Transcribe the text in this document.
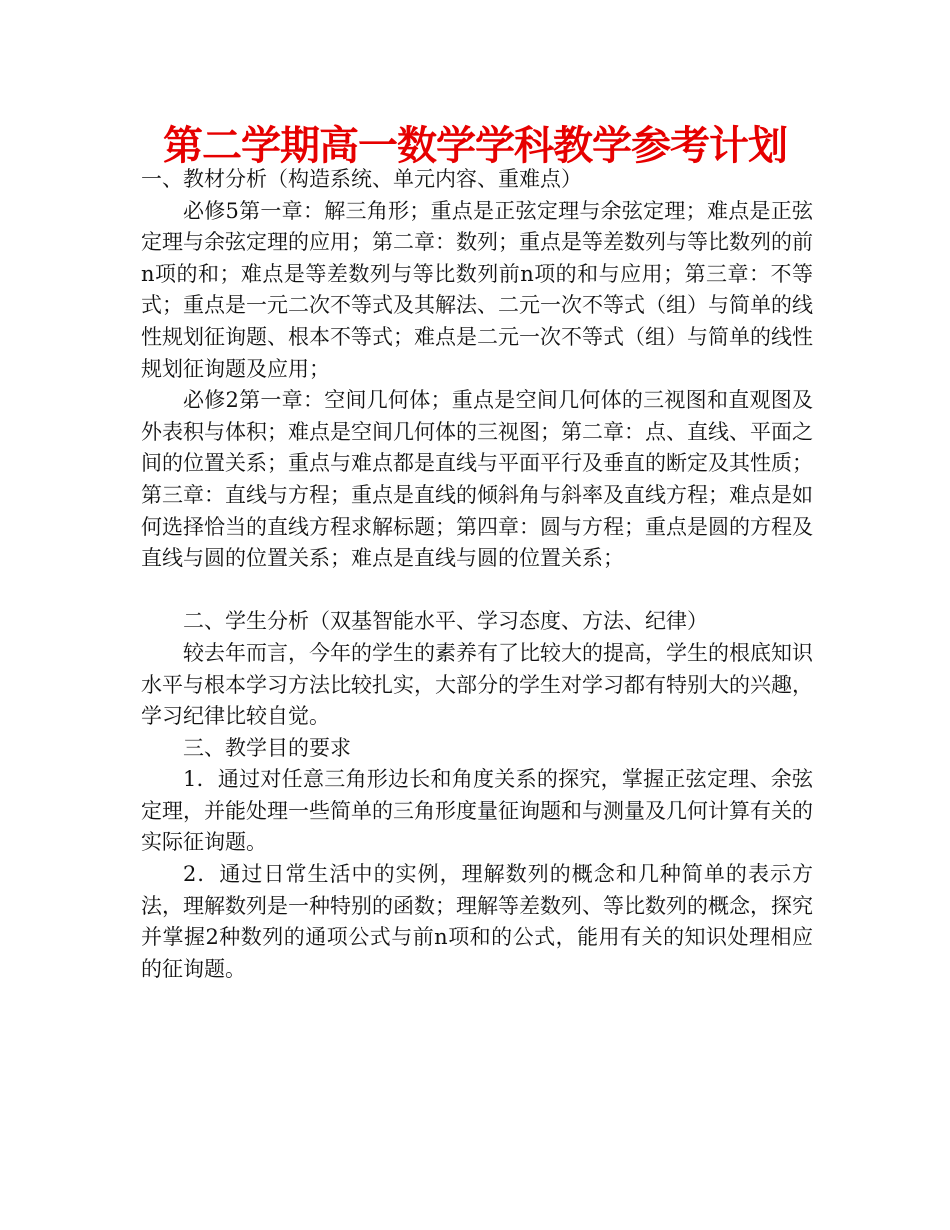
第二学期高一数学学科教学参考计划

一、教材分析（构造系统、单元内容、重难点）

必修5第一章：解三角形；重点是正弦定理与余弦定理；难点是正弦定理与余弦定理的应用；第二章：数列；重点是等差数列与等比数列的前n项的和；难点是等差数列与等比数列前n项的和与应用；第三章：不等式；重点是一元二次不等式及其解法、二元一次不等式（组）与简单的线性规划征询题、根本不等式；难点是二元一次不等式（组）与简单的线性规划征询题及应用；

必修2第一章：空间几何体；重点是空间几何体的三视图和直观图及外表积与体积；难点是空间几何体的三视图；第二章：点、直线、平面之间的位置关系；重点与难点都是直线与平面平行及垂直的断定及其性质；第三章：直线与方程；重点是直线的倾斜角与斜率及直线方程；难点是如何选择恰当的直线方程求解标题；第四章：圆与方程；重点是圆的方程及直线与圆的位置关系；难点是直线与圆的位置关系；

二、学生分析（双基智能水平、学习态度、方法、纪律）

较去年而言，今年的学生的素养有了比较大的提高，学生的根底知识水平与根本学习方法比较扎实，大部分的学生对学习都有特别大的兴趣，学习纪律比较自觉。

三、教学目的要求

1．通过对任意三角形边长和角度关系的探究，掌握正弦定理、余弦定理，并能处理一些简单的三角形度量征询题和与测量及几何计算有关的实际征询题。

2．通过日常生活中的实例，理解数列的概念和几种简单的表示方法，理解数列是一种特别的函数；理解等差数列、等比数列的概念，探究并掌握2种数列的通项公式与前n项和的公式，能用有关的知识处理相应的征询题。
